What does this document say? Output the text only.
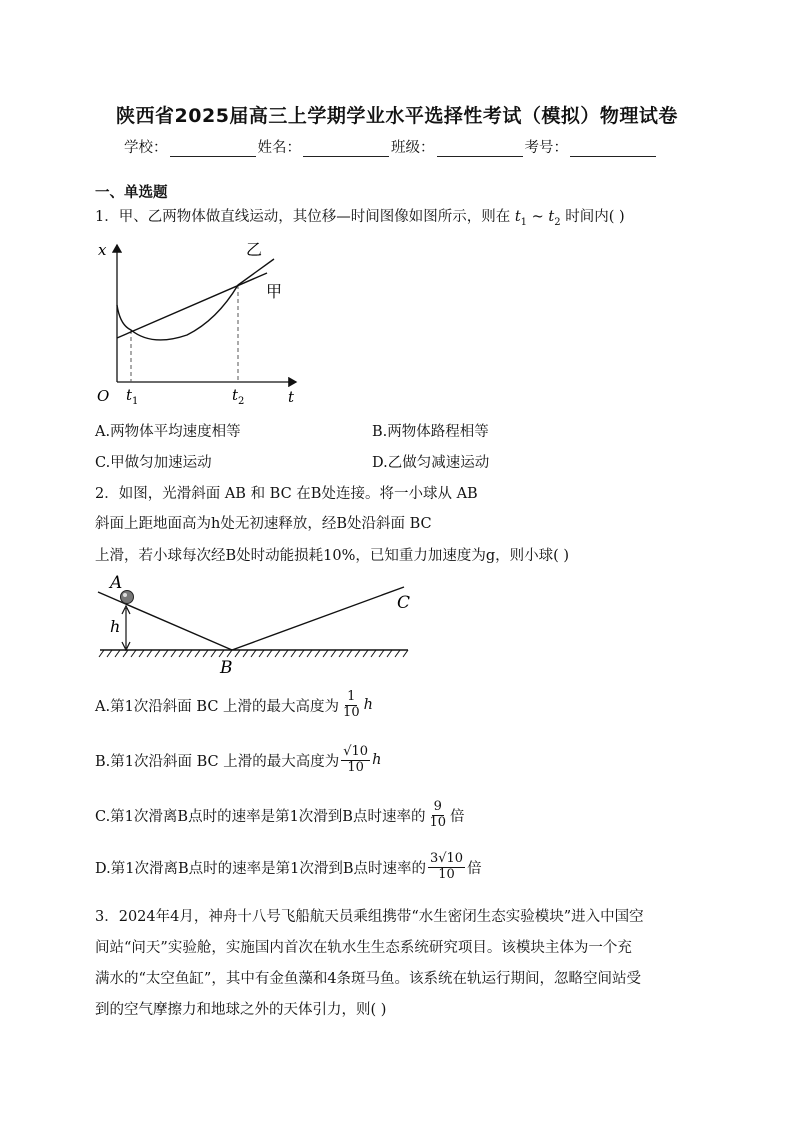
陕西省2025届高三上学期学业水平选择性考试（模拟）物理试卷
学校：	姓名：	班级：	考号：
一、单选题
1．甲、乙两物体做直线运动，其位移—时间图像如图所示，则在 $t_1$ ~ $t_2$ 时间内( )
x
t
O $t_1$	$t_2$
甲
乙
A.两物体平均速度相等	B.两物体路程相等
C.甲做匀加速运动	D.乙做匀减速运动
2．如图，光滑斜面 AB 和 BC 在B处连接。将一小球从 AB
斜面上距地面高为h处无初速释放，经B处沿斜面 BC
上滑，若小球每次经B处时动能损耗10%，已知重力加速度为g，则小球( )
A
h
B
C
A.第1次沿斜面 BC 上滑的最大高度为 $\frac{1}{10}$ h
B.第1次沿斜面 BC 上滑的最大高度为 $\frac{√10}{10}$ h
C.第1次滑离B点时的速率是第1次滑到B点时速率的 $\frac{9}{10}$ 倍
D.第1次滑离B点时的速率是第1次滑到B点时速率的 $\frac{3√10}{10}$ 倍
3．2024年4月，神舟十八号飞船航天员乘组携带“水生密闭生态实验模块”进入中国空
间站“问天”实验舱，实施国内首次在轨水生生态系统研究项目。该模块主体为一个充
满水的“太空鱼缸”，其中有金鱼藻和4条斑马鱼。该系统在轨运行期间，忽略空间站受
到的空气摩擦力和地球之外的天体引力，则( )
